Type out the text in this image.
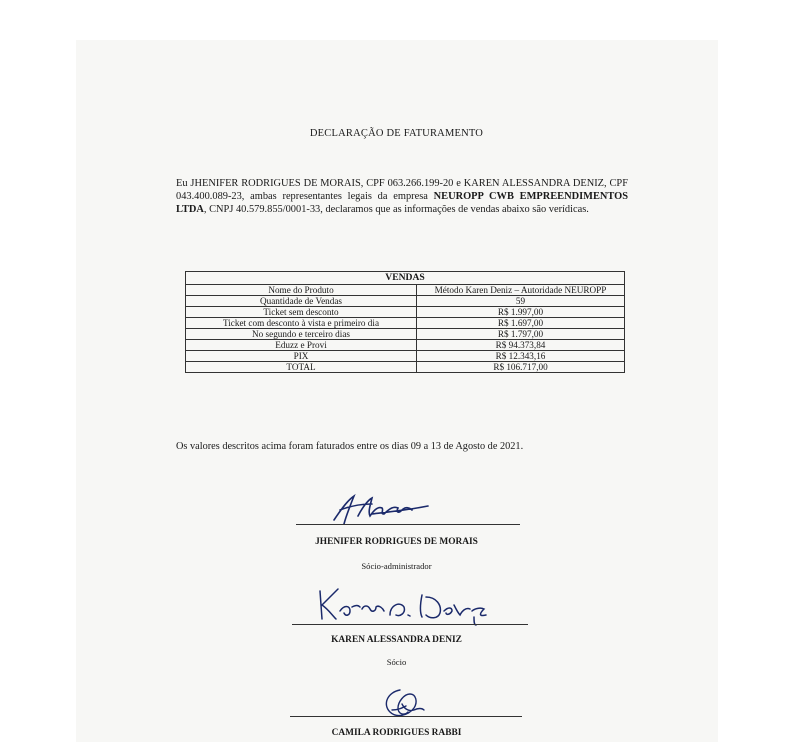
DECLARAÇÃO DE FATURAMENTO
Eu JHENIFER RODRIGUES DE MORAIS, CPF 063.266.199-20 e KAREN ALESSANDRA DENIZ, CPF 043.400.089-23, ambas representantes legais da empresa NEUROPP CWB EMPREENDIMENTOS LTDA, CNPJ 40.579.855/0001-33, declaramos que as informações de vendas abaixo são verídicas.
VENDAS	
Nome do Produto	Método Karen Deniz – Autoridade NEUROPP
Quantidade de Vendas	59
Ticket sem desconto	R$ 1.997,00
Ticket com desconto à vista e primeiro dia	R$ 1.697,00
No segundo e terceiro dias	R$ 1.797,00
Eduzz e Provi	R$ 94.373,84
PIX	R$ 12.343,16
TOTAL	R$ 106.717,00
Os valores descritos acima foram faturados entre os dias 09 a 13 de Agosto de 2021.
JHENIFER RODRIGUES DE MORAIS
Sócio-administrador
KAREN ALESSANDRA DENIZ
Sócio
CAMILA RODRIGUES RABBI
